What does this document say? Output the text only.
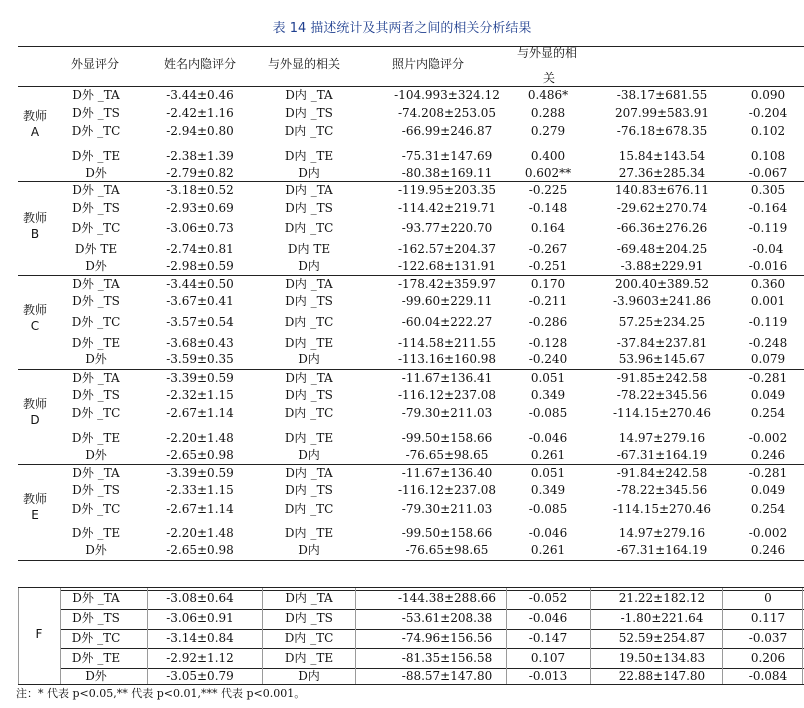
表 14 描述统计及其两者之间的相关分析结果
外显评分	姓名内隐评分	与外显的相关	照片内隐评分
与外显的相
关
教师 A
D外 _TA	-3.44±0.46	D内 _TA	-104.993±324.12 0.486*	-38.17±681.55	0.090
D外 _TS	-2.42±1.16	D内 _TS	-74.208±253.05	0.288	207.99±583.91	-0.204
D外 _TC	-2.94±0.80	D内 _TC	-66.99±246.87	0.279	-76.18±678.35	0.102
D外 _TE	-2.38±1.39	D内 _TE	-75.31±147.69	0.400	15.84±143.54	0.108
D外	-2.79±0.82	D内	-80.38±169.11	0.602**	27.36±285.34	-0.067
教师 B
D外 _TA	-3.18±0.52	D内 _TA	-119.95±203.35	-0.225	140.83±676.11	0.305
D外 _TS	-2.93±0.69	D内 _TS	-114.42±219.71	-0.148	-29.62±270.74	-0.164
D外 _TC	-3.06±0.73	D内 _TC	-93.77±220.70	0.164	-66.36±276.26	-0.119
D外 TE	-2.74±0.81	D内 TE	-162.57±204.37	-0.267	-69.48±204.25	-0.04
D外	-2.98±0.59	D内	-122.68±131.91	-0.251	-3.88±229.91	-0.016
教师 C
D外 _TA	-3.44±0.50	D内 _TA	-178.42±359.97	0.170	200.40±389.52	0.360
D外 _TS	-3.67±0.41	D内 _TS	-99.60±229.11	-0.211	-3.9603±241.86	0.001
D外 _TC	-3.57±0.54	D内 _TC	-60.04±222.27	-0.286	57.25±234.25	-0.119
D外 _TE	-3.68±0.43	D内 _TE	-114.58±211.55	-0.128	-37.84±237.81	-0.248
D外	-3.59±0.35	D内	-113.16±160.98	-0.240	53.96±145.67	0.079
教师 D
D外 _TA	-3.39±0.59	D内 _TA	-11.67±136.41	0.051	-91.85±242.58	-0.281
D外 _TS	-2.32±1.15	D内 _TS	-116.12±237.08	0.349	-78.22±345.56	0.049
D外 _TC	-2.67±1.14	D内 _TC	-79.30±211.03	-0.085	-114.15±270.46	0.254
D外 _TE	-2.20±1.48	D内 _TE	-99.50±158.66	-0.046	14.97±279.16	-0.002
D外	-2.65±0.98	D内	-76.65±98.65	0.261	-67.31±164.19	0.246
教师 E
D外 _TA	-3.39±0.59	D内 _TA	-11.67±136.40	0.051	-91.84±242.58	-0.281
D外 _TS	-2.33±1.15	D内 _TS	-116.12±237.08	0.349	-78.22±345.56	0.049
D外 _TC	-2.67±1.14	D内 _TC	-79.30±211.03	-0.085	-114.15±270.46	0.254
D外 _TE	-2.20±1.48	D内 _TE	-99.50±158.66	-0.046	14.97±279.16	-0.002
D外	-2.65±0.98	D内	-76.65±98.65	0.261	-67.31±164.19	0.246
F
D外 _TA	-3.08±0.64	D内 _TA	-144.38±288.66	-0.052	21.22±182.12	0
D外 _TS	-3.06±0.91	D内 _TS	-53.61±208.38	-0.046	-1.80±221.64	0.117
D外 _TC	-3.14±0.84	D内 _TC	-74.96±156.56	-0.147	52.59±254.87	-0.037
D外 _TE	-2.92±1.12	D内 _TE	-81.35±156.58	0.107	19.50±134.83	0.206
D外	-3.05±0.79	D内	-88.57±147.80	-0.013	22.88±147.80	-0.084
注：* 代表 p<0.05,** 代表 p<0.01,*** 代表 p<0.001。
